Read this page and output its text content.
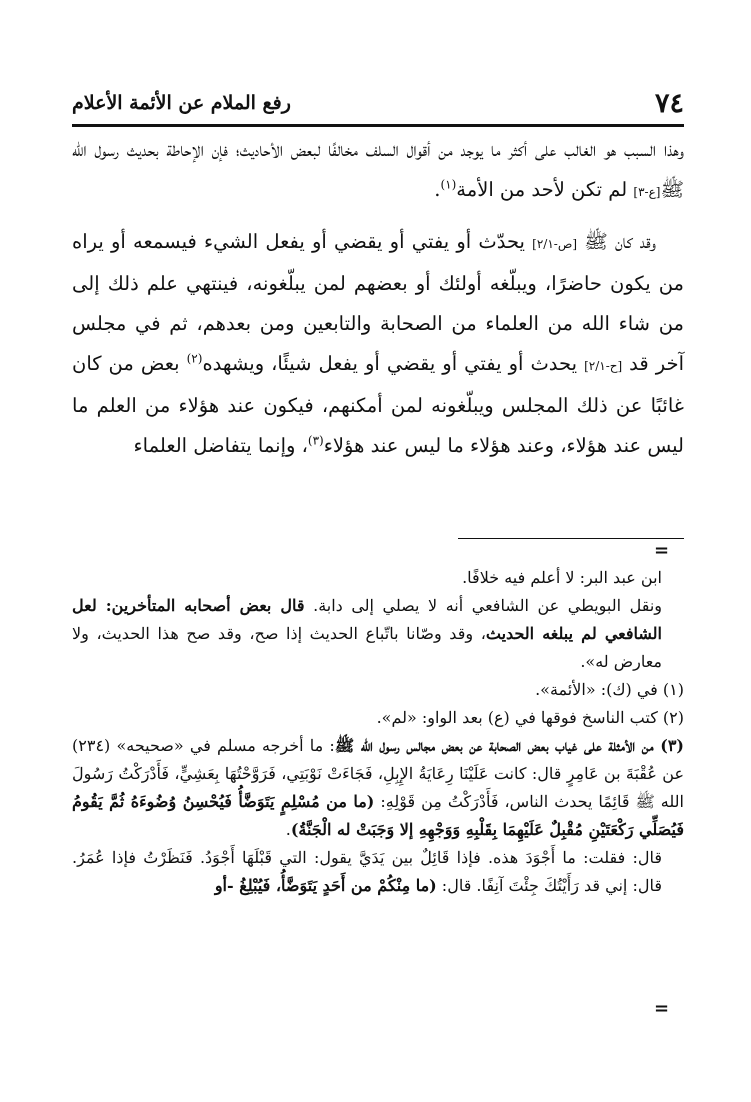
٧٤
رفع الملام عن الأئمة الأعلام

وهذا السبب هو الغالب على أكثر ما يوجد من أقوال السلف مخالفًا لبعض الأحاديث؛ فإن الإحاطة بحديث رسول الله ﷺ[ع-٣] لم تكن لأحد من الأمة$^{(١)}$.

وقد كان ﷺ [ص-٢/١] يحدّث أو يفتي أو يقضي أو يفعل الشيء فيسمعه أو يراه من يكون حاضرًا، ويبلّغه أولئك أو بعضهم لمن يبلّغونه، فينتهي علم ذلك إلى من شاء الله من العلماء من الصحابة والتابعين ومن بعدهم، ثم في مجلس آخر قد [ح-٢/١] يحدث أو يفتي أو يقضي أو يفعل شيئًا، ويشهده$^{(٢)}$ بعض من كان غائبًا عن ذلك المجلس ويبلّغونه لمن أمكنهم، فيكون عند هؤلاء من العلم ما ليس عند هؤلاء، وعند هؤلاء ما ليس عند هؤلاء$^{(٣)}$، وإنما يتفاضل العلماء

=

ابن عبد البر: لا أعلم فيه خلافًا.

ونقل البويطي عن الشافعي أنه لا يصلي إلى دابة. قال بعض أصحابه المتأخرين: لعل الشافعي لم يبلغه الحديث، وقد وصّانا باتّباع الحديث إذا صح، وقد صح هذا الحديث، ولا معارض له».

(١) في (ك): «الأئمة».

(٢) كتب الناسخ فوقها في (ع) بعد الواو: «لم».

(٣) من الأمثلة على غياب بعض الصحابة عن بعض مجالس رسول الله ﷺ: ما أخرجه مسلم في «صحيحه» (٢٣٤) عن عُقْبَةَ بن عَامِرٍ قال: كانت عَلَيْنَا رِعَايَةُ الإِبِلِ، فَجَاءَتْ نَوْبَتِي، فَرَوَّحْتُهَا بِعَشِيٍّ، فَأَدْرَكْتُ رَسُولَ الله ﷺ قَائِمًا يحدث الناس، فَأَدْرَكْتُ مِن قَوْلِهِ: (ما من مُسْلِمٍ يَتَوَضَّأُ فَيُحْسِنُ وُضُوءَهُ ثُمَّ يَقُومُ فَيُصَلِّي رَكْعَتَيْنِ مُقْبِلٌ عَلَيْهِمَا بِقَلْبِهِ وَوَجْهِهِ إلا وَجَبَتْ له الْجَنَّةُ).

قال: فقلت: ما أَجْوَدَ هذه. فإذا قَائِلٌ بين يَدَيَّ يقول: التي قَبْلَهَا أَجْوَدُ. فَنَظَرْتُ فإذا عُمَرُ. قال: إني قد رَأَيْتُكَ جِئْتَ آنِفًا. قال: (ما مِنْكُمْ من أَحَدٍ يَتَوَضَّأُ، فَيُبْلِغُ -أو

=
